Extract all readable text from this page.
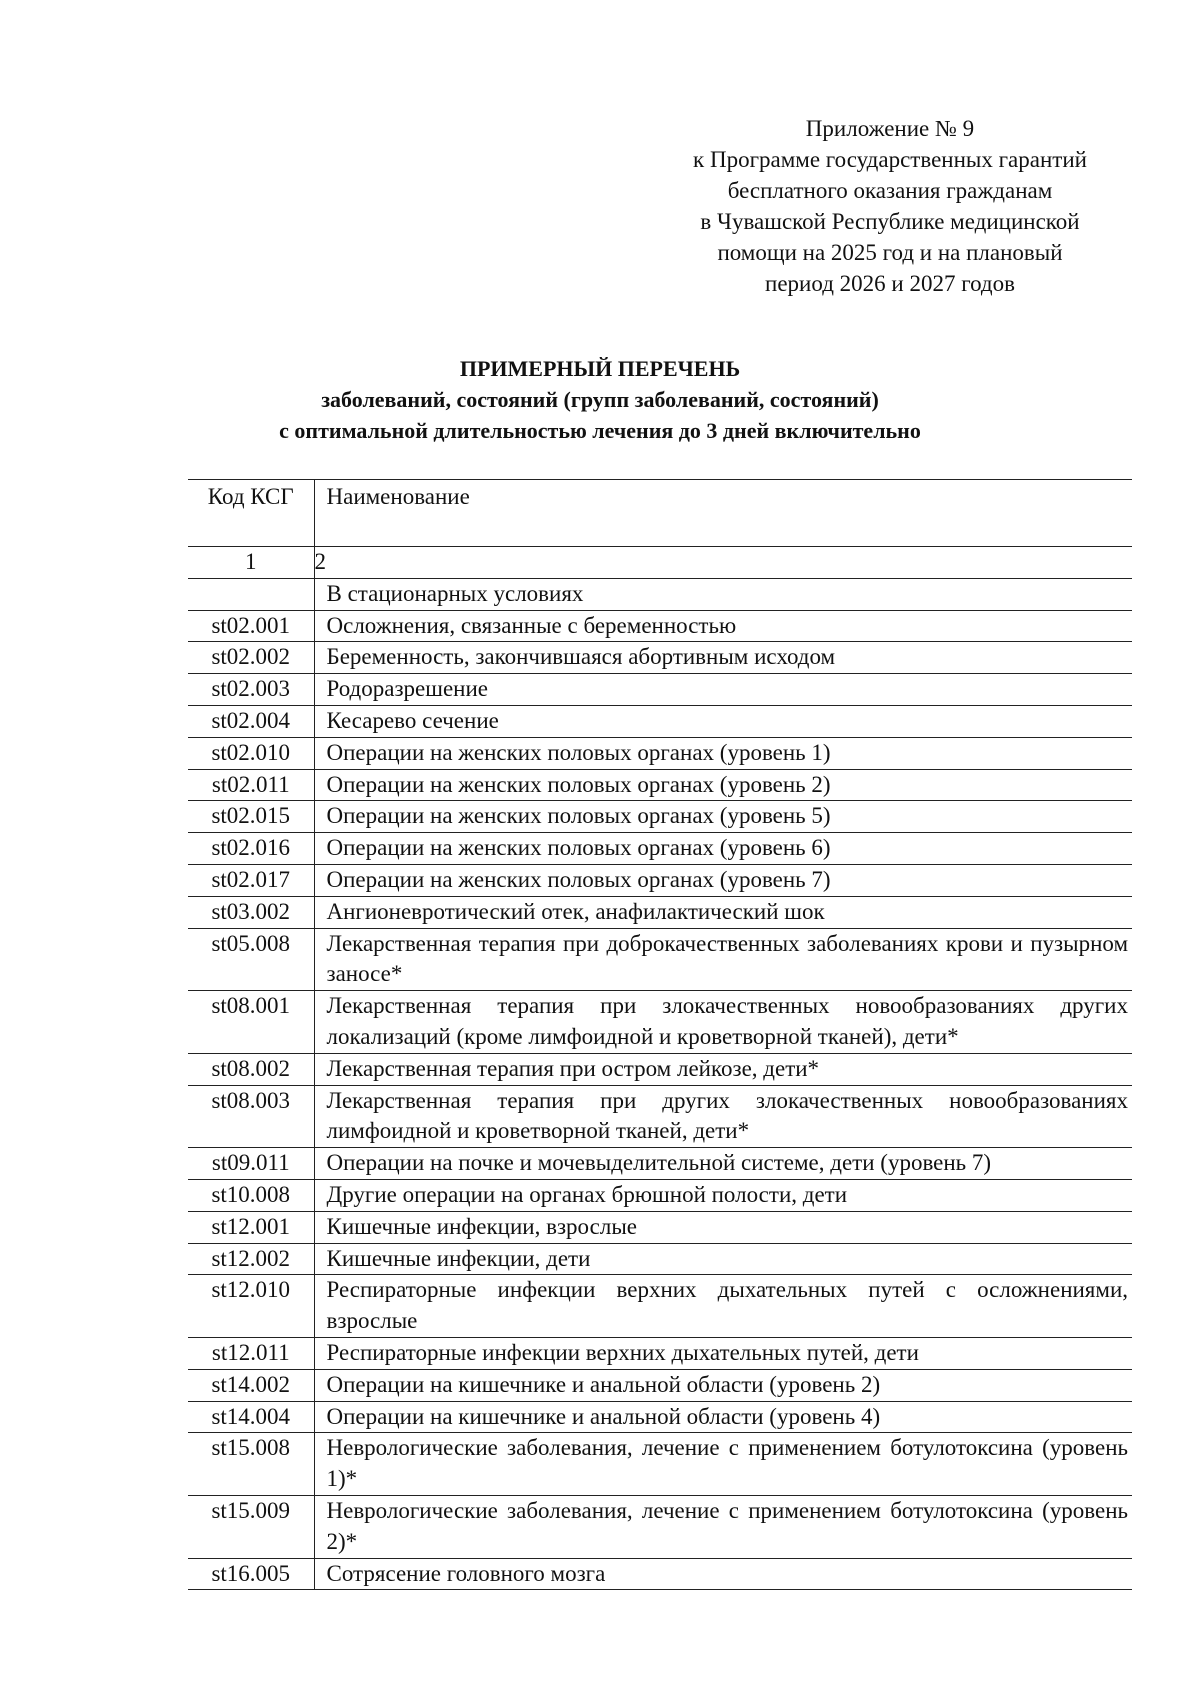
Приложение № 9
к Программе государственных гарантий
бесплатного оказания гражданам
в Чувашской Республике медицинской
помощи на 2025 год и на плановый
период 2026 и 2027 годов
ПРИМЕРНЫЙ ПЕРЕЧЕНЬ
заболеваний, состояний (групп заболеваний, состояний)
с оптимальной длительностью лечения до 3 дней включительно
Код КСГ	Наименование
1	2
	В стационарных условиях
st02.001	Осложнения, связанные с беременностью
st02.002	Беременность, закончившаяся абортивным исходом
st02.003	Родоразрешение
st02.004	Кесарево сечение
st02.010	Операции на женских половых органах (уровень 1)
st02.011	Операции на женских половых органах (уровень 2)
st02.015	Операции на женских половых органах (уровень 5)
st02.016	Операции на женских половых органах (уровень 6)
st02.017	Операции на женских половых органах (уровень 7)
st03.002	Ангионевротический отек, анафилактический шок
st05.008	Лекарственная терапия при доброкачественных заболеваниях крови и пузырном заносе*
st08.001	Лекарственная терапия при злокачественных новообразованиях других локализаций (кроме лимфоидной и кроветворной тканей), дети*
st08.002	Лекарственная терапия при остром лейкозе, дети*
st08.003	Лекарственная терапия при других злокачественных новообразованиях лимфоидной и кроветворной тканей, дети*
st09.011	Операции на почке и мочевыделительной системе, дети (уровень 7)
st10.008	Другие операции на органах брюшной полости, дети
st12.001	Кишечные инфекции, взрослые
st12.002	Кишечные инфекции, дети
st12.010	Респираторные инфекции верхних дыхательных путей с осложнениями, взрослые
st12.011	Респираторные инфекции верхних дыхательных путей, дети
st14.002	Операции на кишечнике и анальной области (уровень 2)
st14.004	Операции на кишечнике и анальной области (уровень 4)
st15.008	Неврологические заболевания, лечение с применением ботулотоксина (уровень 1)*
st15.009	Неврологические заболевания, лечение с применением ботулотоксина (уровень 2)*
st16.005	Сотрясение головного мозга
